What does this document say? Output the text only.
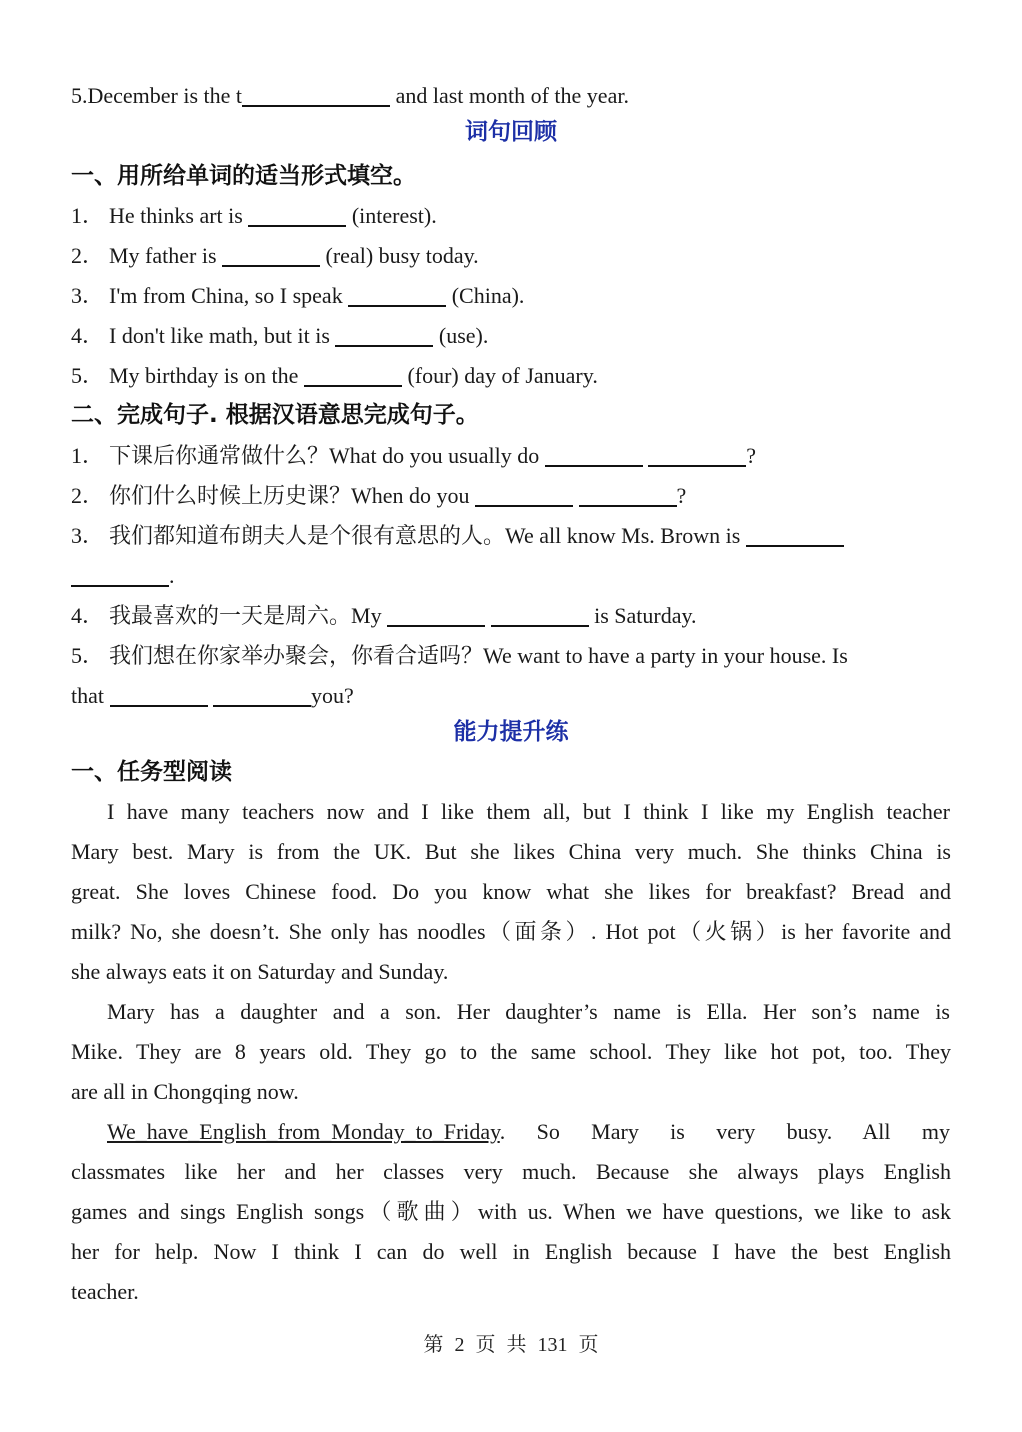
5.December is the t	and last month of the year.
词句回顾
一、用所给单词的适当形式填空。
1． He thinks art is	(interest).
2． My father is	(real) busy today.
3． I'm from China, so I speak	(China).
4． I don't like math, but it is	(use).
5． My birthday is on the	(four) day of January.
二、完成句子. 根据汉语意思完成句子。
1． 下课后你通常做什么？What do you usually do	?
2． 你们什么时候上历史课？When do you	?
3． 我们都知道布朗夫人是个很有意思的人。We all know Ms. Brown is
.
4． 我最喜欢的一天是周六。My	is Saturday.
5． 我们想在你家举办聚会，你看合适吗？We want to have a party in your house. Is
that	you?
能力提升练
一、任务型阅读
I have many teachers now and I like them all, but I think I like my English teacher
Mary best. Mary is from the UK. But she likes China very much. She thinks China is
great. She loves Chinese food. Do you know what she likes for breakfast? Bread and
milk? No, she doesn’t. She only has noodles（面条）. Hot pot（火锅）is her favorite and
she always eats it on Saturday and Sunday.
Mary has a daughter and a son. Her daughter’s name is Ella. Her son’s name is
Mike. They are 8 years old. They go to the same school. They like hot pot, too. They
are all in Chongqing now.
We_have_English_from_Monday_to_Friday. So Mary is very busy. All my
classmates like her and her classes very much. Because she always plays English
games and sings English songs（歌曲）with us. When we have questions, we like to ask
her for help. Now I think I can do well in English because I have the best English
teacher.
第 2 页 共 131 页
